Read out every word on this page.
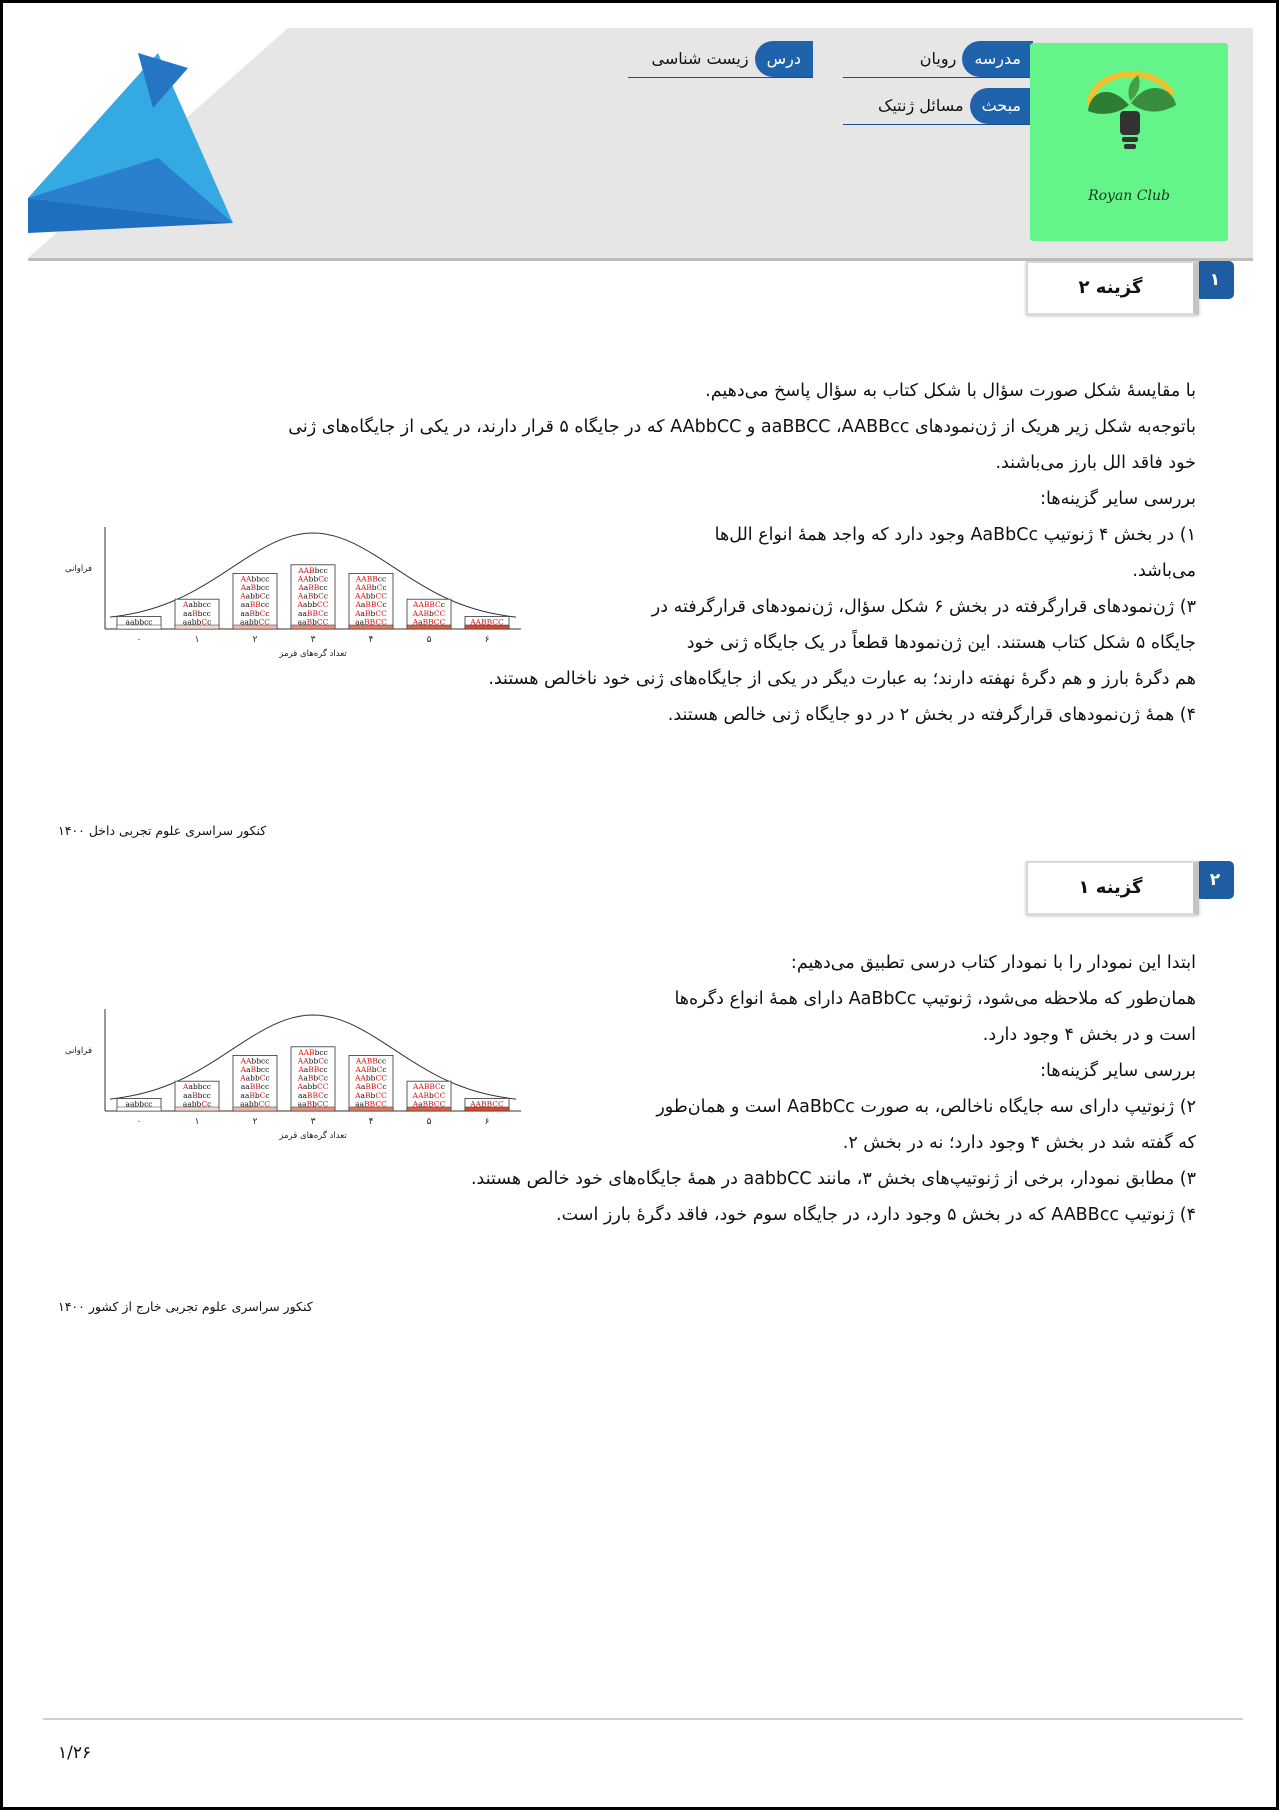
مدرسهرویان
درسزیست شناسی
مبحثمسائل ژنتیک
Royan Club
۱
گزینه ۲
با مقایسهٔ شکل صورت سؤال با شکل کتاب به سؤال پاسخ می‌دهیم.
باتوجه‌به شکل زیر هریک از ژن‌نمودهای aaBBCC ،AABBcc و AAbbCC که در جایگاه ۵ قرار دارند، در یکی از جایگاه‌های ژنی
خود فاقد الل بارز می‌باشند.
بررسی سایر گزینه‌ها:
۱) در بخش ۴ ژنوتیپ AaBbCc وجود دارد که واجد همهٔ انواع الل‌ها
می‌باشد.
۳) ژن‌نمودهای قرارگرفته در بخش ۶ شکل سؤال، ژن‌نمودهای قرارگرفته در
جایگاه ۵ شکل کتاب هستند. این ژن‌نمودها قطعاً در یک جایگاه ژنی خود
هم دگرهٔ بارز و هم دگرهٔ نهفته دارند؛ به عبارت دیگر در یکی از جایگاه‌های ژنی خود ناخالص هستند.
۴) همهٔ ژن‌نمودهای قرارگرفته در بخش ۲ در دو جایگاه ژنی خالص هستند.
aabbcc
۰
Aabbcc
aaBbcc
aabbCc
۱
AAbbcc
AaBbcc
AabbCc
aaBBcc
aaBbCc
aabbCC
۲
AABbcc
AAbbCc
AaBBcc
AaBbCc
AabbCC
aaBBCc
aaBbCC
۳
AABBcc
AABbCc
AAbbCC
AaBBCc
AaBbCC
aaBBCC
۴
AABBCc
AABbCC
AaBBCC
۵
AABBCC
۶
فراوانی
تعداد گره‌های قرمز
کنکور سراسری علوم تجربی داخل ۱۴۰۰
۲
گزینه ۱
ابتدا این نمودار را با نمودار کتاب درسی تطبیق می‌دهیم:
همان‌طور که ملاحظه می‌شود، ژنوتیپ AaBbCc دارای همهٔ انواع دگره‌ها
است و در بخش ۴ وجود دارد.
بررسی سایر گزینه‌ها:
۲) ژنوتیپ دارای سه جایگاه ناخالص، به صورت AaBbCc است و همان‌طور
که گفته شد در بخش ۴ وجود دارد؛ نه در بخش ۲.
۳) مطابق نمودار، برخی از ژنوتیپ‌های بخش ۳، مانند aabbCC در همهٔ جایگاه‌های خود خالص هستند.
۴) ژنوتیپ AABBcc که در بخش ۵ وجود دارد، در جایگاه سوم خود، فاقد دگرهٔ بارز است.
aabbcc
۰
Aabbcc
aaBbcc
aabbCc
۱
AAbbcc
AaBbcc
AabbCc
aaBBcc
aaBbCc
aabbCC
۲
AABbcc
AAbbCc
AaBBcc
AaBbCc
AabbCC
aaBBCc
aaBbCC
۳
AABBcc
AABbCc
AAbbCC
AaBBCc
AaBbCC
aaBBCC
۴
AABBCc
AABbCC
AaBBCC
۵
AABBCC
۶
فراوانی
تعداد گره‌های قرمز
کنکور سراسری علوم تجربی خارج از کشور ۱۴۰۰
۱/۲۶
